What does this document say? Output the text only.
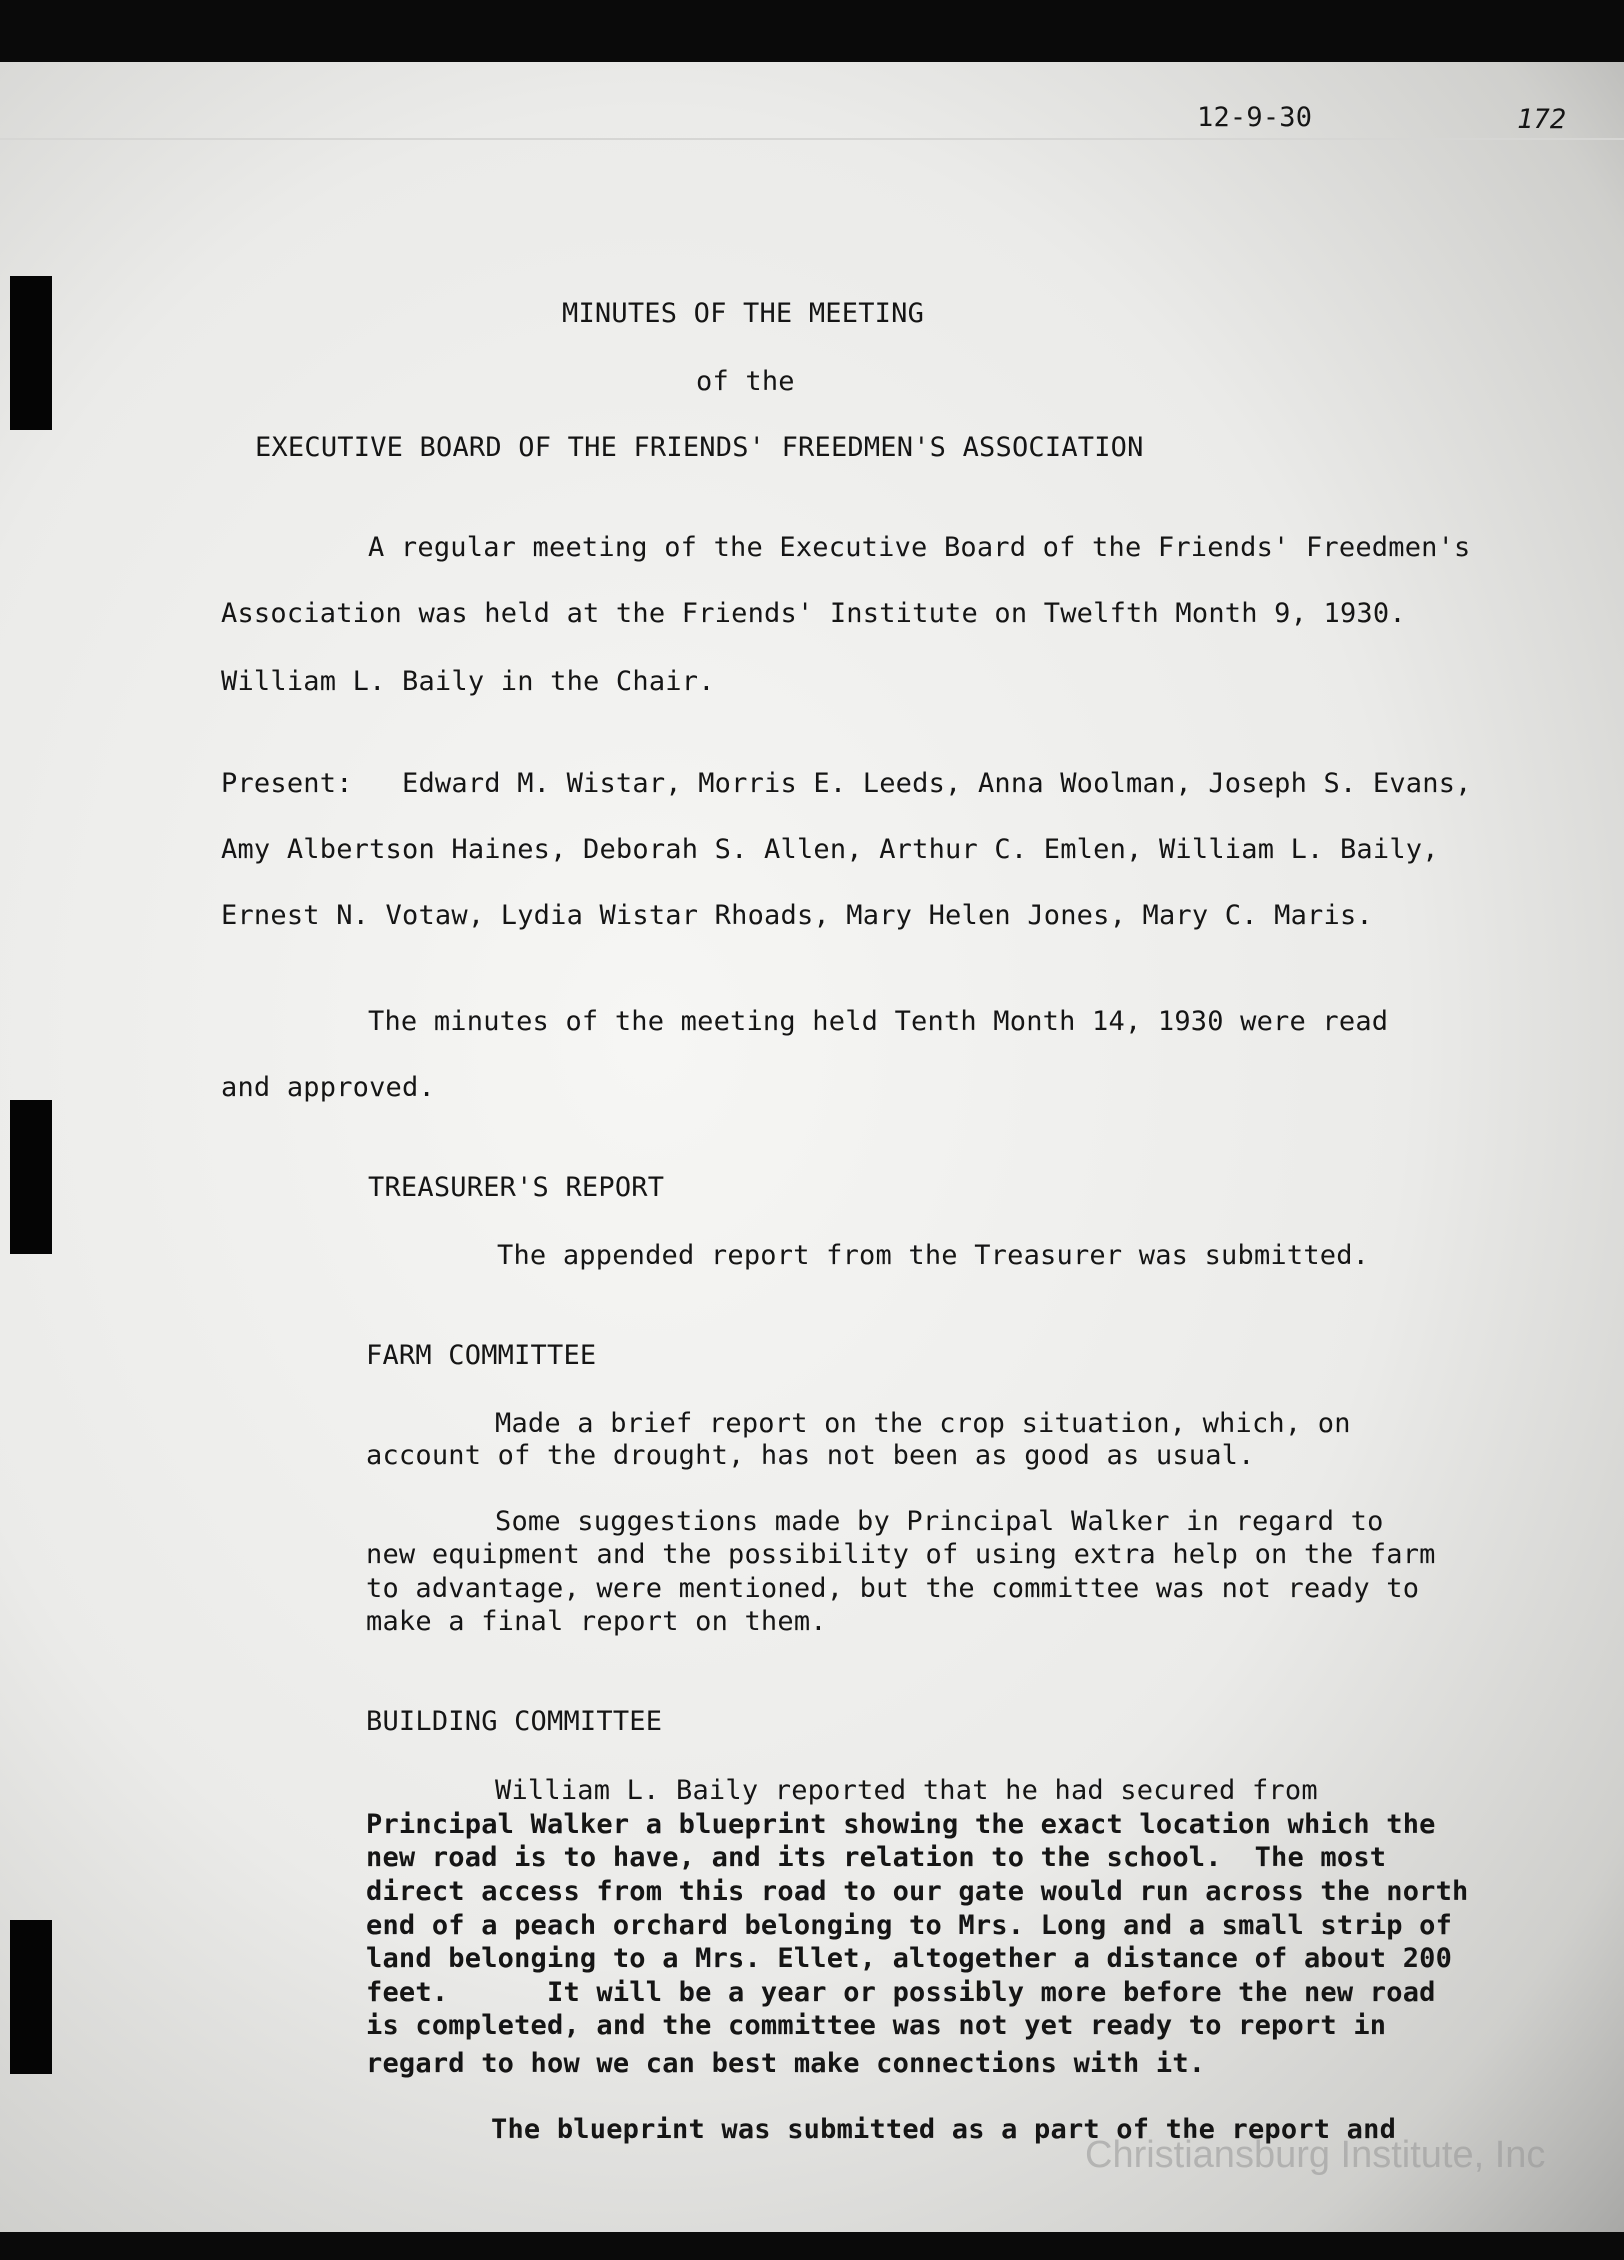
12-9-30	172
MINUTES OF THE MEETING
of the
EXECUTIVE BOARD OF THE FRIENDS' FREEDMEN'S ASSOCIATION
A regular meeting of the Executive Board of the Friends' Freedmen's
Association was held at the Friends' Institute on Twelfth Month 9, 1930.
William L. Baily in the Chair.
Present:   Edward M. Wistar, Morris E. Leeds, Anna Woolman, Joseph S. Evans,
Amy Albertson Haines, Deborah S. Allen, Arthur C. Emlen, William L. Baily,
Ernest N. Votaw, Lydia Wistar Rhoads, Mary Helen Jones, Mary C. Maris.
The minutes of the meeting held Tenth Month 14, 1930 were read
and approved.
TREASURER'S REPORT
The appended report from the Treasurer was submitted.
FARM COMMITTEE
Made a brief report on the crop situation, which, on
account of the drought, has not been as good as usual.
Some suggestions made by Principal Walker in regard to
new equipment and the possibility of using extra help on the farm
to advantage, were mentioned, but the committee was not ready to
make a final report on them.
BUILDING COMMITTEE
William L. Baily reported that he had secured from
Principal Walker a blueprint showing the exact location which the
new road is to have, and its relation to the school.  The most
direct access from this road to our gate would run across the north
end of a peach orchard belonging to Mrs. Long and a small strip of
land belonging to a Mrs. Ellet, altogether a distance of about 200
feet.      It will be a year or possibly more before the new road
is completed, and the committee was not yet ready to report in
regard to how we can best make connections with it.
The blueprint was submitted as a part of the report and
Christiansburg Institute, Inc
